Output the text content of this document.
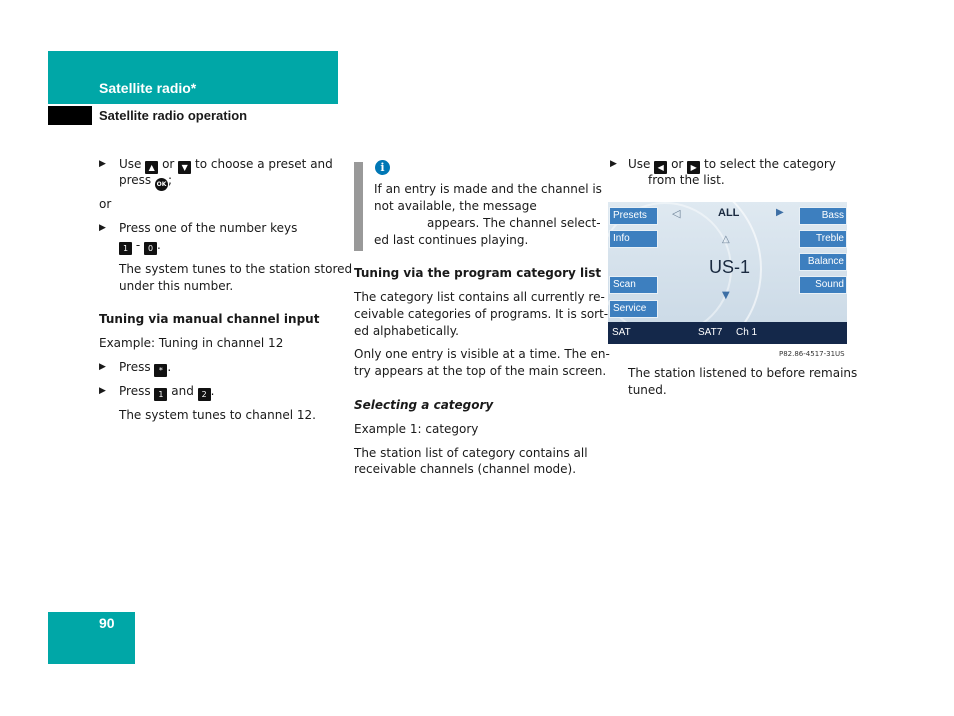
Satellite radio*
Satellite radio operation
▶ Use ▲ or ▼ to choose a preset and
press OK ;
or
▶ Press one of the number keys
1 - 0 .
The system tunes to the station stored
under this number.
Tuning via manual channel input
Example: Tuning in channel 12
▶ Press * .
▶ Press 1 and 2 .
The system tunes to channel 12.
i
If an entry is made and the channel is
not available, the message
appears. The channel select-
ed last continues playing.
Tuning via the program category list
The category list contains all currently re-
ceivable categories of programs. It is sort-
ed alphabetically.
Only one entry is visible at a time. The en-
try appears at the top of the main screen.
Selecting a category
Example 1: category
The station list of category contains all
receivable channels (channel mode).
▶ Use ◀ or ▶ to select the category
from the list.
Presets
Info
Scan
Service
Bass
Treble
Balance
Sound
◁	ALL	▶
△
US-1
▼
SAT	SAT7 Ch 1
P82.86-4517-31US
The station listened to before remains
tuned.
90
